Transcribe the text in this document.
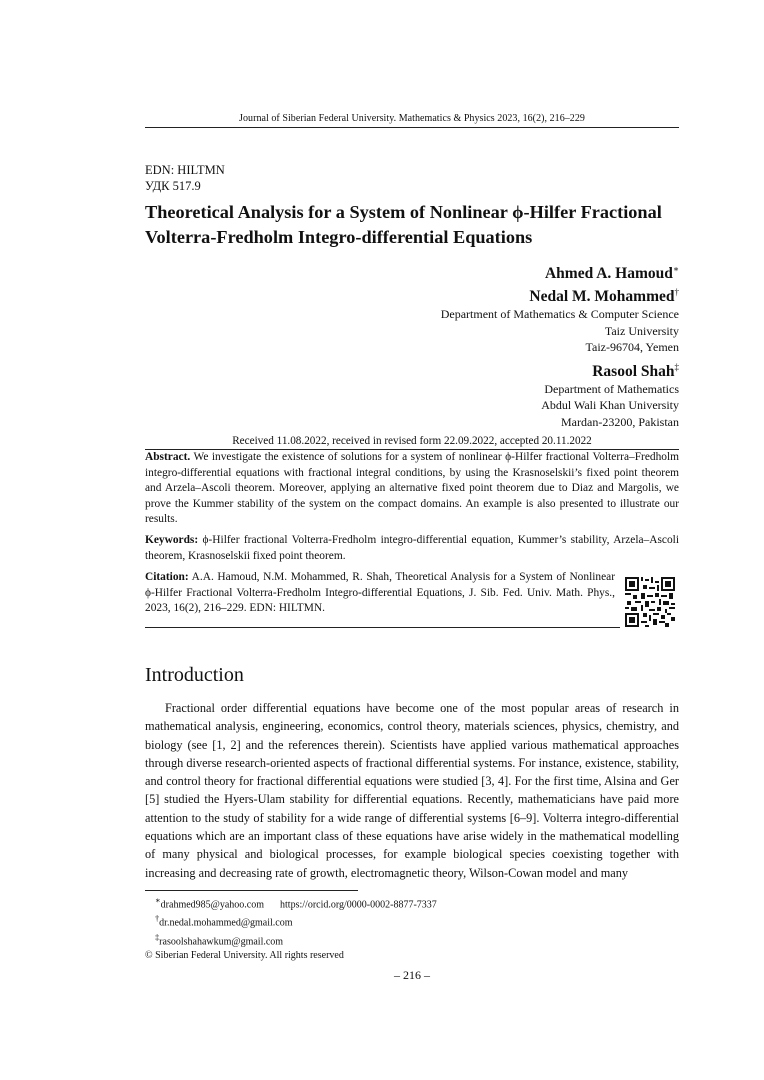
Journal of Siberian Federal University. Mathematics & Physics 2023, 16(2), 216–229
EDN: HILTMN
УДК 517.9
Theoretical Analysis for a System of Nonlinear ϕ-Hilfer Fractional Volterra-Fredholm Integro-differential Equations
Ahmed A. Hamoud∗
Nedal M. Mohammed†
Department of Mathematics & Computer Science
Taiz University
Taiz-96704, Yemen
Rasool Shah‡
Department of Mathematics
Abdul Wali Khan University
Mardan-23200, Pakistan
Received 11.08.2022, received in revised form 22.09.2022, accepted 20.11.2022
Abstract. We investigate the existence of solutions for a system of nonlinear ϕ-Hilfer fractional Volterra–Fredholm integro-differential equations with fractional integral conditions, by using the Krasnoselskii’s fixed point theorem and Arzela–Ascoli theorem. Moreover, applying an alternative fixed point theorem due to Diaz and Margolis, we prove the Kummer stability of the system on the compact domains. An example is also presented to illustrate our results.
Keywords: ϕ-Hilfer fractional Volterra-Fredholm integro-differential equation, Kummer’s stability, Arzela–Ascoli theorem, Krasnoselskii fixed point theorem.
Citation: A.A. Hamoud, N.M. Mohammed, R. Shah, Theoretical Analysis for a System of Nonlinear ϕ-Hilfer Fractional Volterra-Fredholm Integro-differential Equations, J. Sib. Fed. Univ. Math. Phys., 2023, 16(2), 216–229. EDN: HILTMN.
Introduction
Fractional order differential equations have become one of the most popular areas of research in mathematical analysis, engineering, economics, control theory, materials sciences, physics, chemistry, and biology (see [1, 2] and the references therein). Scientists have applied various mathematical approaches through diverse research-oriented aspects of fractional differential systems. For instance, existence, stability, and control theory for fractional differential equations were studied [3, 4]. For the first time, Alsina and Ger [5] studied the Hyers-Ulam stability for differential equations. Recently, mathematicians have paid more attention to the study of stability for a wide range of differential systems [6–9]. Volterra integro-differential equations which are an important class of these equations have arise widely in the mathematical modelling of many physical and biological processes, for example biological species coexisting together with increasing and decreasing rate of growth, electromagnetic theory, Wilson-Cowan model and many
∗drahmed985@yahoo.com https://orcid.org/0000-0002-8877-7337
†dr.nedal.mohammed@gmail.com
‡rasoolshahawkum@gmail.com
© Siberian Federal University. All rights reserved
– 216 –
